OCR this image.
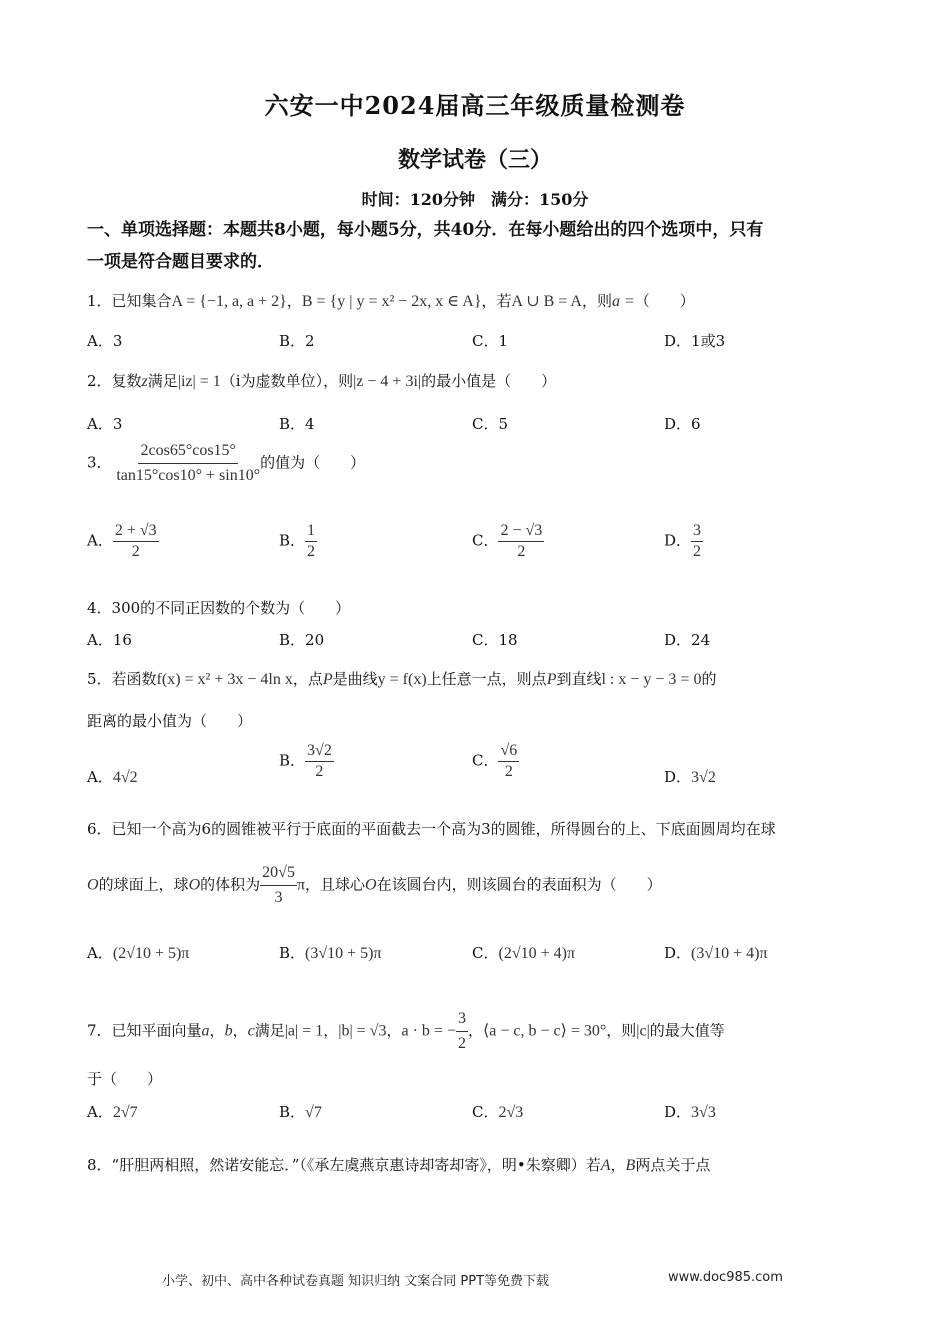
六安一中2024届高三年级质量检测卷
数学试卷（三）
时间：120分钟　满分：150分
一、单项选择题：本题共8小题，每小题5分，共40分．在每小题给出的四个选项中，只有
一项是符合题目要求的．
1．已知集合A = {−1, a, a + 2}，B = {y | y = x² − 2x, x ∈ A}，若A ∪ B = A，则a =（　　）
A．3	B．2	C．1	D．1或3
2．复数z满足|iz| = 1（i为虚数单位），则|z − 4 + 3i|的最小值是（　　）
A．3	B．4	C．5	D．6
3． $\frac{2\cos 65^\circ\cos 15^\circ}{\tan 15^\circ\cos 10^\circ + \sin 10^\circ}$ 的值为（　　）
A． $\frac{2 + √3}{2}$	B． $\frac{1}{2}$	C． $\frac{2 - √3}{2}$	D． $\frac{3}{2}$
4．300的不同正因数的个数为（　　）
A．16	B．20	C．18	D．24
5．若函数f(x) = x² + 3x − 4ln x，点P是曲线y = f(x)上任意一点，则点P到直线l : x − y − 3 = 0的
距离的最小值为（　　）
A．4√2
B． $\frac{3√2}{2}$	C． $\frac{√6}{2}$	D．3√2
6．已知一个高为6的圆锥被平行于底面的平面截去一个高为3的圆锥，所得圆台的上、下底面圆周均在球
O的球面上，球O的体积为 $\frac{20√5}{3}$ π，且球心O在该圆台内，则该圆台的表面积为（　　）
A．(2√10 + 5)π	B．(3√10 + 5)π	C．(2√10 + 4)π	D．(3√10 + 4)π
7．已知平面向量a，b，c满足|a| = 1，|b| = √3，a · b = − $\frac{3}{2}$ ，⟨a − c, b − c⟩ = 30°，则|c|的最大值等
于（　　）
A．2√7	B．√7	C．2√3	D．3√3
8．“肝胆两相照，然诺安能忘．”（《承左虞燕京惠诗却寄却寄》，明•朱察卿）若A，B两点关于点
小学、初中、高中各种试卷真题 知识归纳 文案合同 PPT等免费下载	www.doc985.com
